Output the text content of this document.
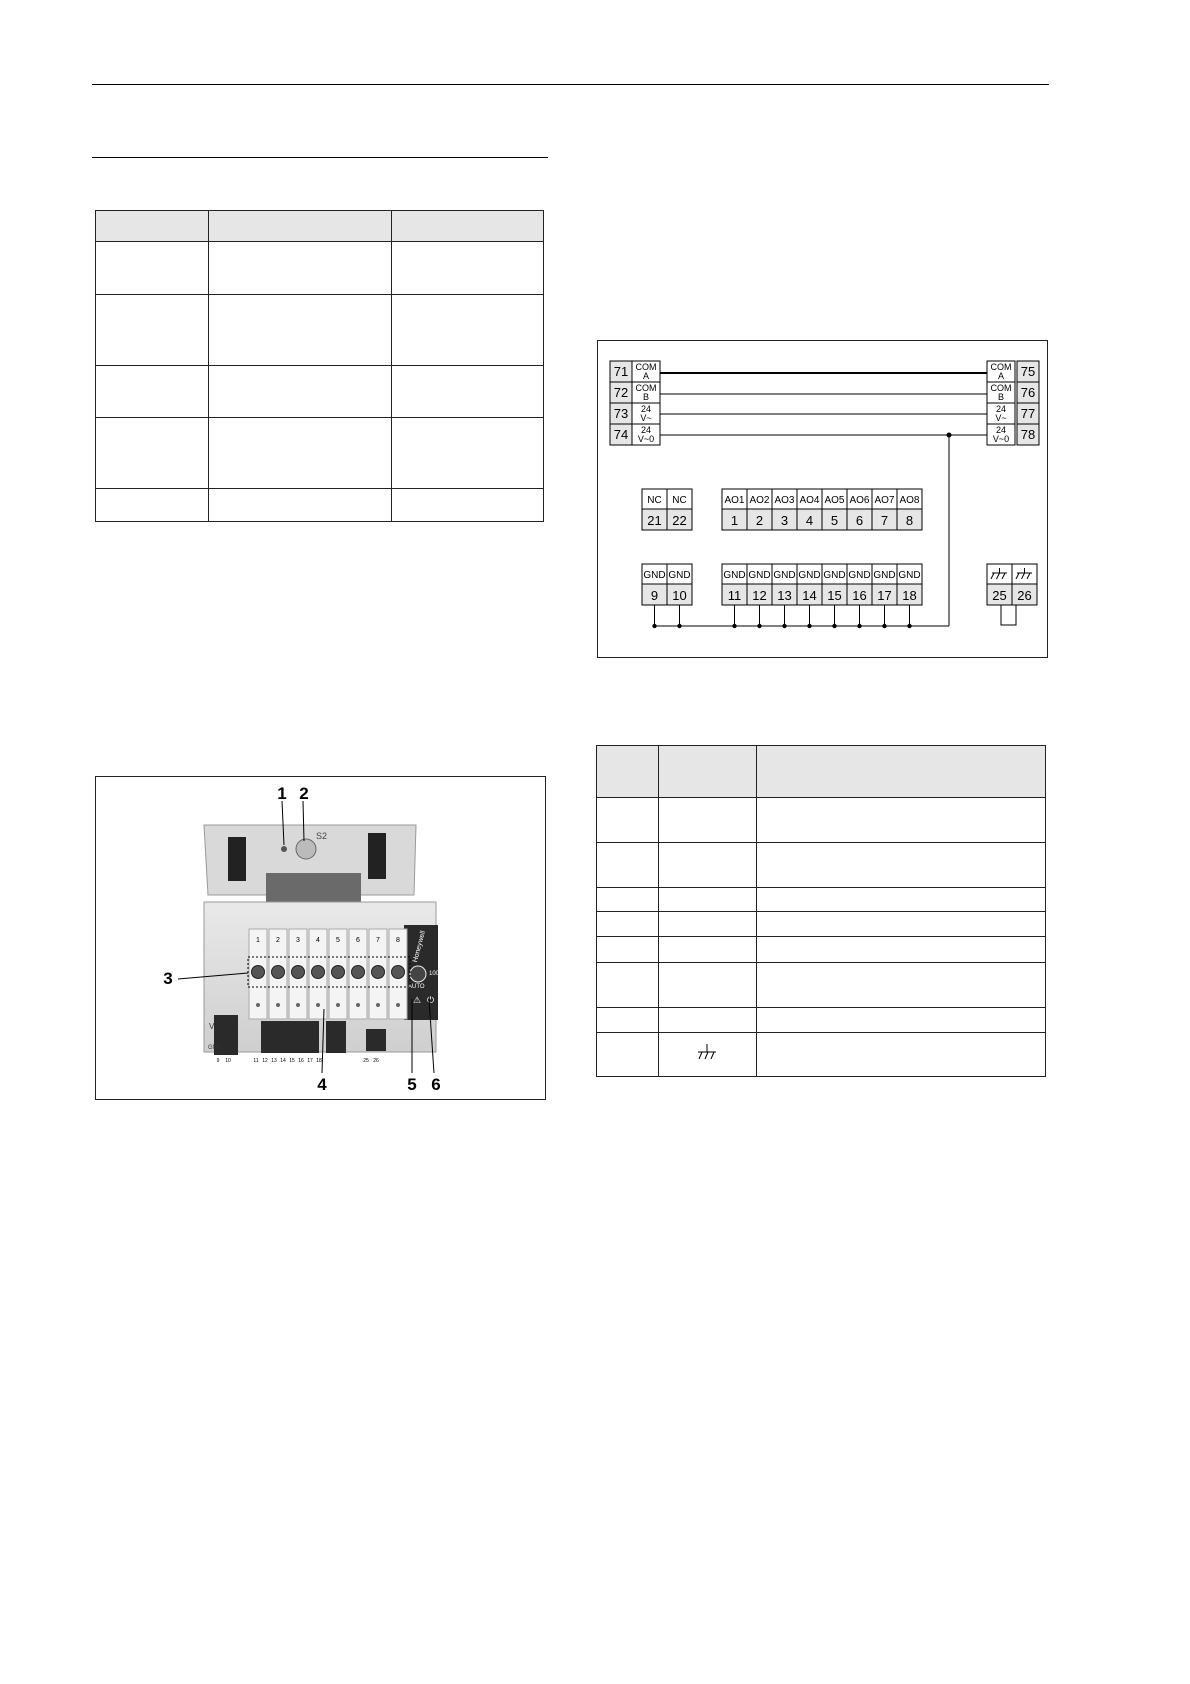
71 COM
A
72 COM
B
73 24
V~
74 24
V~0
75
COM
A
76
COM
B
77
24
V~
78
24
V~0
NC
21
NC
22
AO1
1
AO2
2
AO3
3
AO4
4
AO5
5
AO6
6
AO7
7
AO8
8
GND
9
GND
10
GND
11
GND
12
GND
13
GND
14
GND
15
GND
16
GND
17
GND
18	25 26

S2
Honeywell
100
AUTO
⚠ ⏻
1 2 3 4 5 6 7 8
V
GND
9 10	11 12 13 14 15 16 17 18	25 26
1 2
3
4	5 6
